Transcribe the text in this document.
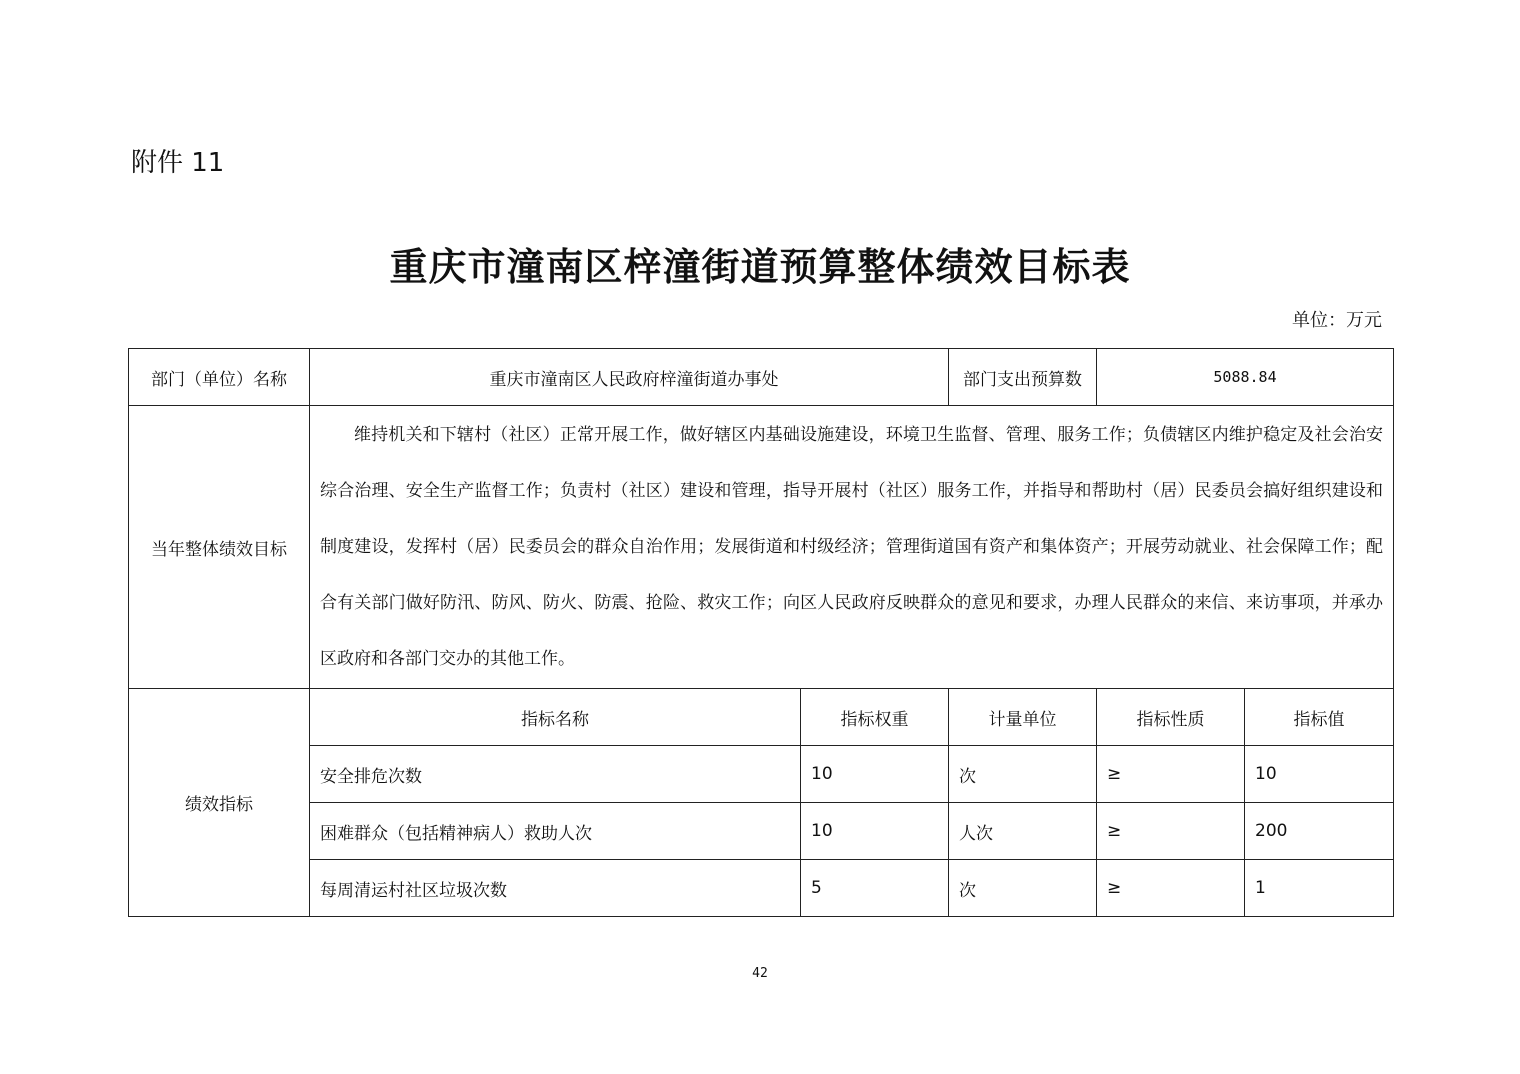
附件 11
重庆市潼南区梓潼街道预算整体绩效目标表
单位：万元
部门（单位）名称	重庆市潼南区人民政府梓潼街道办事处		部门支出预算数	5088.84	
当年整体绩效目标	维持机关和下辖村（社区）正常开展工作，做好辖区内基础设施建设，环境卫生监督、管理、服务工作；负债辖区内维护稳定及社会治安综合治理、安全生产监督工作；负责村（社区）建设和管理，指导开展村（社区）服务工作，并指导和帮助村（居）民委员会搞好组织建设和制度建设，发挥村（居）民委员会的群众自治作用；发展街道和村级经济；管理街道国有资产和集体资产；开展劳动就业、社会保障工作；配合有关部门做好防汛、防风、防火、防震、抢险、救灾工作；向区人民政府反映群众的意见和要求，办理人民群众的来信、来访事项，并承办区政府和各部门交办的其他工作。				
绩效指标	指标名称	指标权重	计量单位	指标性质	指标值
	安全排危次数	10	次	≥	10
	困难群众（包括精神病人）救助人次	10	人次	≥	200
	每周清运村社区垃圾次数	5	次	≥	1
42
